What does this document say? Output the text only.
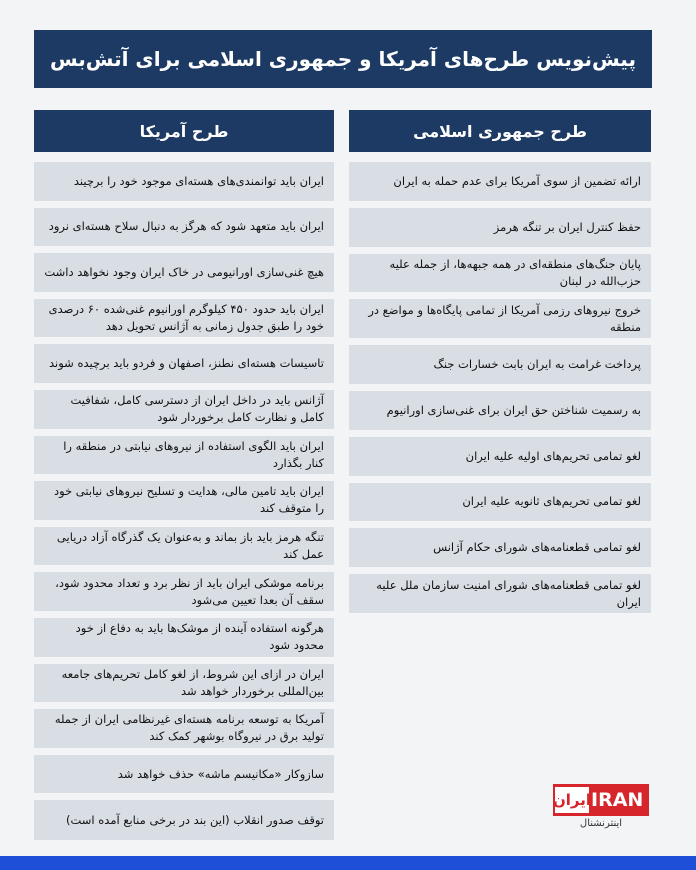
پیش‌نویس طرح‌های آمریکا و جمهوری اسلامی برای آتش‌بس
طرح آمریکا	طرح جمهوری اسلامی
ایران باید توانمندی‌های هسته‌ای موجود خود را برچیند
ایران باید متعهد شود که هرگز به دنبال سلاح هسته‌ای نرود
هیچ غنی‌سازی اورانیومی در خاک ایران وجود نخواهد داشت
ایران باید حدود ۴۵۰ کیلوگرم اورانیوم غنی‌شده ۶۰ درصدی خود را طبق جدول زمانی به آژانس تحویل دهد
تاسیسات هسته‌ای نطنز، اصفهان و فردو باید برچیده شوند
آژانس باید در داخل ایران از دسترسی کامل، شفافیت کامل و نظارت کامل برخوردار شود
ایران باید الگوی استفاده از نیروهای نیابتی در منطقه را کنار بگذارد
ایران باید تامین مالی، هدایت و تسلیح نیروهای نیابتی خود را متوقف کند
تنگه هرمز باید باز بماند و به‌عنوان یک گذرگاه آزاد دریایی عمل کند
برنامه موشکی ایران باید از نظر برد و تعداد محدود شود، سقف آن بعدا تعیین می‌شود
هرگونه استفاده آینده از موشک‌ها باید به دفاع از خود محدود شود
ایران در ازای این شروط، از لغو کامل تحریم‌های جامعه بین‌المللی برخوردار خواهد شد
آمریکا به توسعه برنامه هسته‌ای غیرنظامی ایران از جمله تولید برق در نیروگاه بوشهر کمک کند
سازوکار «مکانیسم ماشه» حذف خواهد شد
توقف صدور انقلاب (این بند در برخی منابع آمده است)
ارائه تضمین از سوی آمریکا برای عدم حمله به ایران
حفظ کنترل ایران بر تنگه هرمز
پایان جنگ‌های منطقه‌ای در همه جبهه‌ها، از جمله علیه حزب‌الله در لبنان
خروج نیروهای رزمی آمریکا از تمامی پایگاه‌ها و مواضع در منطقه
پرداخت غرامت به ایران بابت خسارات جنگ
به رسمیت شناختن حق ایران برای غنی‌سازی اورانیوم
لغو تمامی تحریم‌های اولیه علیه ایران
لغو تمامی تحریم‌های ثانویه علیه ایران
لغو تمامی قطعنامه‌های شورای حکام آژانس
لغو تمامی قطعنامه‌های شورای امنیت سازمان ملل علیه ایران
ایران IRAN
اینترنشنال
